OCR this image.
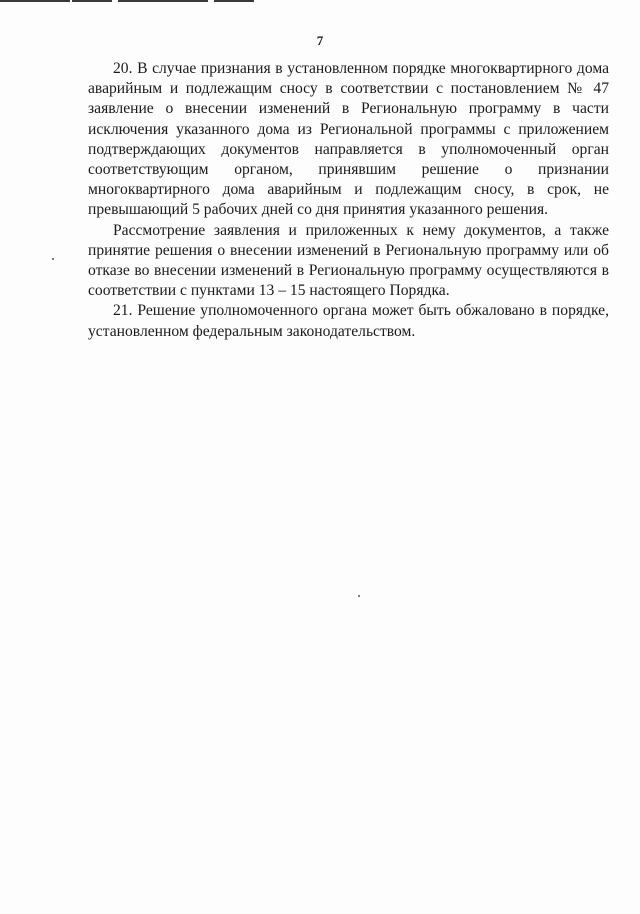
7

20. В случае признания в установленном порядке многоквартирного дома аварийным и подлежащим сносу в соответствии с постановлением № 47 заявление о внесении изменений в Региональную программу в части исключения указанного дома из Региональной программы с приложением подтверждающих документов направляется в уполномоченный орган соответствующим органом, принявшим решение о признании многоквартирного дома аварийным и подлежащим сносу, в срок, не превышающий 5 рабочих дней со дня принятия указанного решения.

Рассмотрение заявления и приложенных к нему документов, а также принятие решения о внесении изменений в Региональную программу или об отказе во внесении изменений в Региональную программу осуществляются в соответствии с пунктами 13 – 15 настоящего Порядка.

21. Решение уполномоченного органа может быть обжаловано в порядке, установленном федеральным законодательством.
